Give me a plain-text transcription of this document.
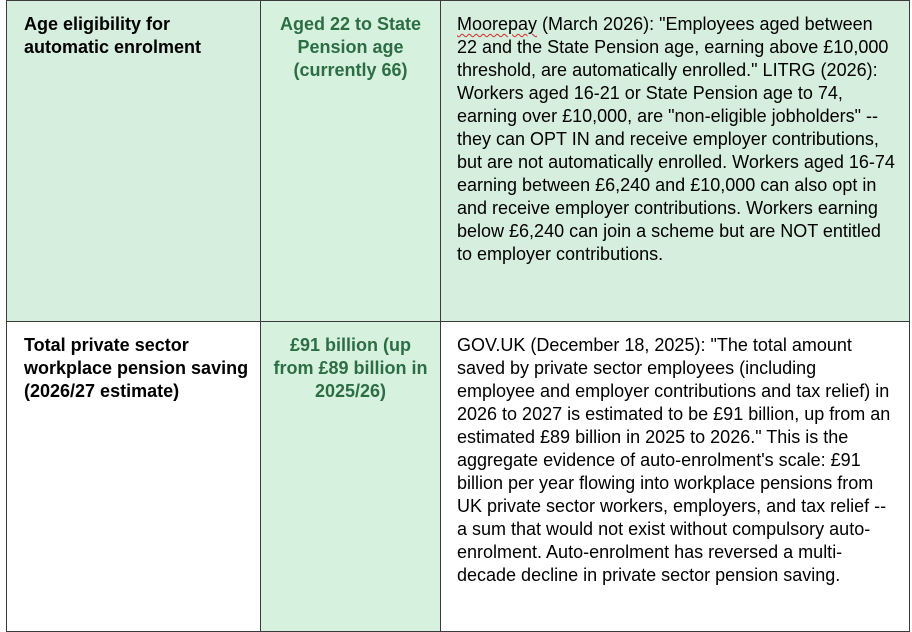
Age eligibility for automatic enrolment	Aged 22 to State Pension age (currently 66)	Moorepay (March 2026): "Employees aged between 22 and the State Pension age, earning above £10,000 threshold, are automatically enrolled." LITRG (2026): Workers aged 16-21 or State Pension age to 74, earning over £10,000, are "non-eligible jobholders" -- they can OPT IN and receive employer contributions, but are not automatically enrolled. Workers aged 16-74 earning between £6,240 and £10,000 can also opt in and receive employer contributions. Workers earning below £6,240 can join a scheme but are NOT entitled to employer contributions.
Total private sector workplace pension saving (2026/27 estimate)	£91 billion (up from £89 billion in 2025/26)	GOV.UK (December 18, 2025): "The total amount saved by private sector employees (including employee and employer contributions and tax relief) in 2026 to 2027 is estimated to be £91 billion, up from an estimated £89 billion in 2025 to 2026." This is the aggregate evidence of auto-enrolment's scale: £91 billion per year flowing into workplace pensions from UK private sector workers, employers, and tax relief -- a sum that would not exist without compulsory auto-enrolment. Auto-enrolment has reversed a multi-decade decline in private sector pension saving.
